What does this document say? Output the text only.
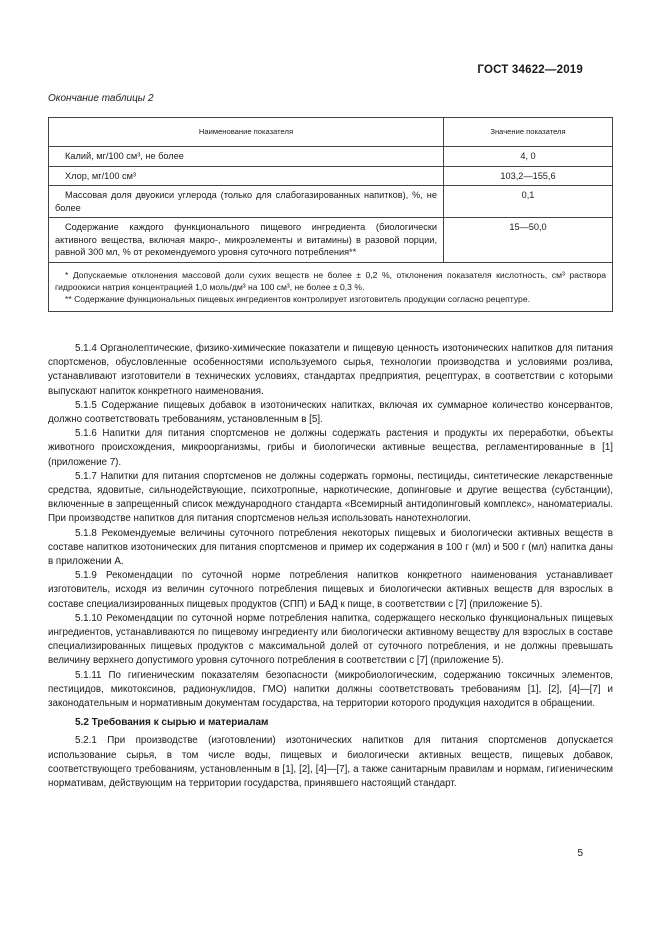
ГОСТ 34622—2019
Окончание таблицы 2
Наименование показателя	Значение показателя
Калий, мг/100 см³, не более	4, 0
Хлор, мг/100 см³	103,2—155,6
Массовая доля двуокиси углерода (только для слабогазированных напитков), %, не более	0,1
Содержание каждого функционального пищевого ингредиента (биологически активного вещества, включая макро-, микроэлементы и витамины) в разовой порции, равной 300 мл, % от рекомендуемого уровня суточного потребления**	15—50,0

* Допускаемые отклонения массовой доли сухих веществ не более ± 0,2 %, отклонения показателя кислотность, см³ раствора гидроокиси натрия концентрацией 1,0 моль/дм³ на 100 см³, не более ± 0,3 %.
** Содержание функциональных пищевых ингредиентов контролирует изготовитель продукции согласно рецептуре.	

5.1.4 Органолептические, физико-химические показатели и пищевую ценность изотонических напитков для питания спортсменов, обусловленные особенностями используемого сырья, технологии производства и условиями розлива, устанавливают изготовители в технических условиях, стандартах предприятия, рецептурах, в соответствии с которыми выпускают напиток конкретного наименования.

5.1.5 Содержание пищевых добавок в изотонических напитках, включая их суммарное количество консервантов, должно соответствовать требованиям, установленным в [5].

5.1.6 Напитки для питания спортсменов не должны содержать растения и продукты их переработки, объекты животного происхождения, микроорганизмы, грибы и биологически активные вещества, регламентированные в [1] (приложение 7).

5.1.7 Напитки для питания спортсменов не должны содержать гормоны, пестициды, синтетические лекарственные средства, ядовитые, сильнодействующие, психотропные, наркотические, допинговые и другие вещества (субстанции), включенные в запрещенный список международного стандарта «Всемирный антидопинговый комплекс», наноматериалы. При производстве напитков для питания спортсменов нельзя использовать нанотехнологии.

5.1.8 Рекомендуемые величины суточного потребления некоторых пищевых и биологически активных веществ в составе напитков изотонических для питания спортсменов и пример их содержания в 100 г (мл) и 500 г (мл) напитка даны в приложении А.

5.1.9 Рекомендации по суточной норме потребления напитков конкретного наименования устанавливает изготовитель, исходя из величин суточного потребления пищевых и биологически активных веществ для взрослых в составе специализированных пищевых продуктов (СПП) и БАД к пище, в соответствии с [7] (приложение 5).

5.1.10 Рекомендации по суточной норме потребления напитка, содержащего несколько функциональных пищевых ингредиентов, устанавливаются по пищевому ингредиенту или биологически активному веществу для взрослых в составе специализированных пищевых продуктов с максимальной долей от суточного потребления, и не должны превышать величину верхнего допустимого уровня суточного потребления в соответствии с [7] (приложение 5).

5.1.11 По гигиеническим показателям безопасности (микробиологическим, содержанию токсичных элементов, пестицидов, микотоксинов, радионуклидов, ГМО) напитки должны соответствовать требованиям [1], [2], [4]—[7] и законодательным и нормативным документам государства, на территории которого продукция находится в обращении.

5.2 Требования к сырью и материалам

5.2.1 При производстве (изготовлении) изотонических напитков для питания спортсменов допускается использование сырья, в том числе воды, пищевых и биологически активных веществ, пищевых добавок, соответствующего требованиям, установленным в [1], [2], [4]—[7], а также санитарным правилам и нормам, гигиеническим нормативам, действующим на территории государства, принявшего настоящий стандарт.

5
